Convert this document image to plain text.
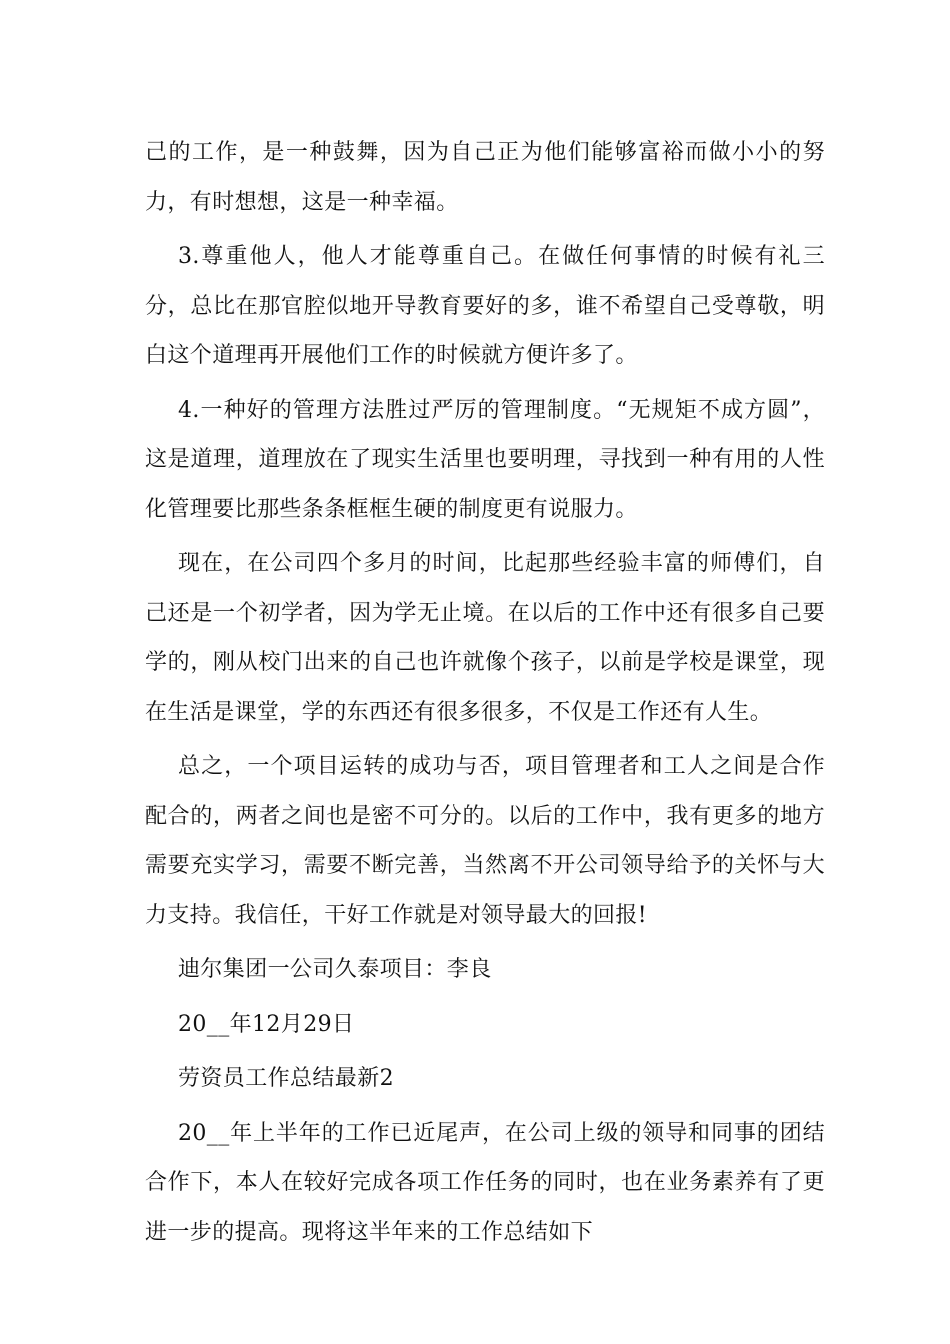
己的工作，是一种鼓舞，因为自己正为他们能够富裕而做小小的努力，有时想想，这是一种幸福。

3.尊重他人，他人才能尊重自己。在做任何事情的时候有礼三分，总比在那官腔似地开导教育要好的多，谁不希望自己受尊敬，明白这个道理再开展他们工作的时候就方便许多了。

4.一种好的管理方法胜过严厉的管理制度。“无规矩不成方圆”，这是道理，道理放在了现实生活里也要明理，寻找到一种有用的人性化管理要比那些条条框框生硬的制度更有说服力。

现在，在公司四个多月的时间，比起那些经验丰富的师傅们，自己还是一个初学者，因为学无止境。在以后的工作中还有很多自己要学的，刚从校门出来的自己也许就像个孩子，以前是学校是课堂，现在生活是课堂，学的东西还有很多很多，不仅是工作还有人生。

总之，一个项目运转的成功与否，项目管理者和工人之间是合作配合的，两者之间也是密不可分的。以后的工作中，我有更多的地方需要充实学习，需要不断完善，当然离不开公司领导给予的关怀与大力支持。我信任，干好工作就是对领导最大的回报!

迪尔集团一公司久泰项目：李良

20__年12月29日

劳资员工作总结最新2

20__年上半年的工作已近尾声，在公司上级的领导和同事的团结合作下，本人在较好完成各项工作任务的同时，也在业务素养有了更进一步的提高。现将这半年来的工作总结如下
